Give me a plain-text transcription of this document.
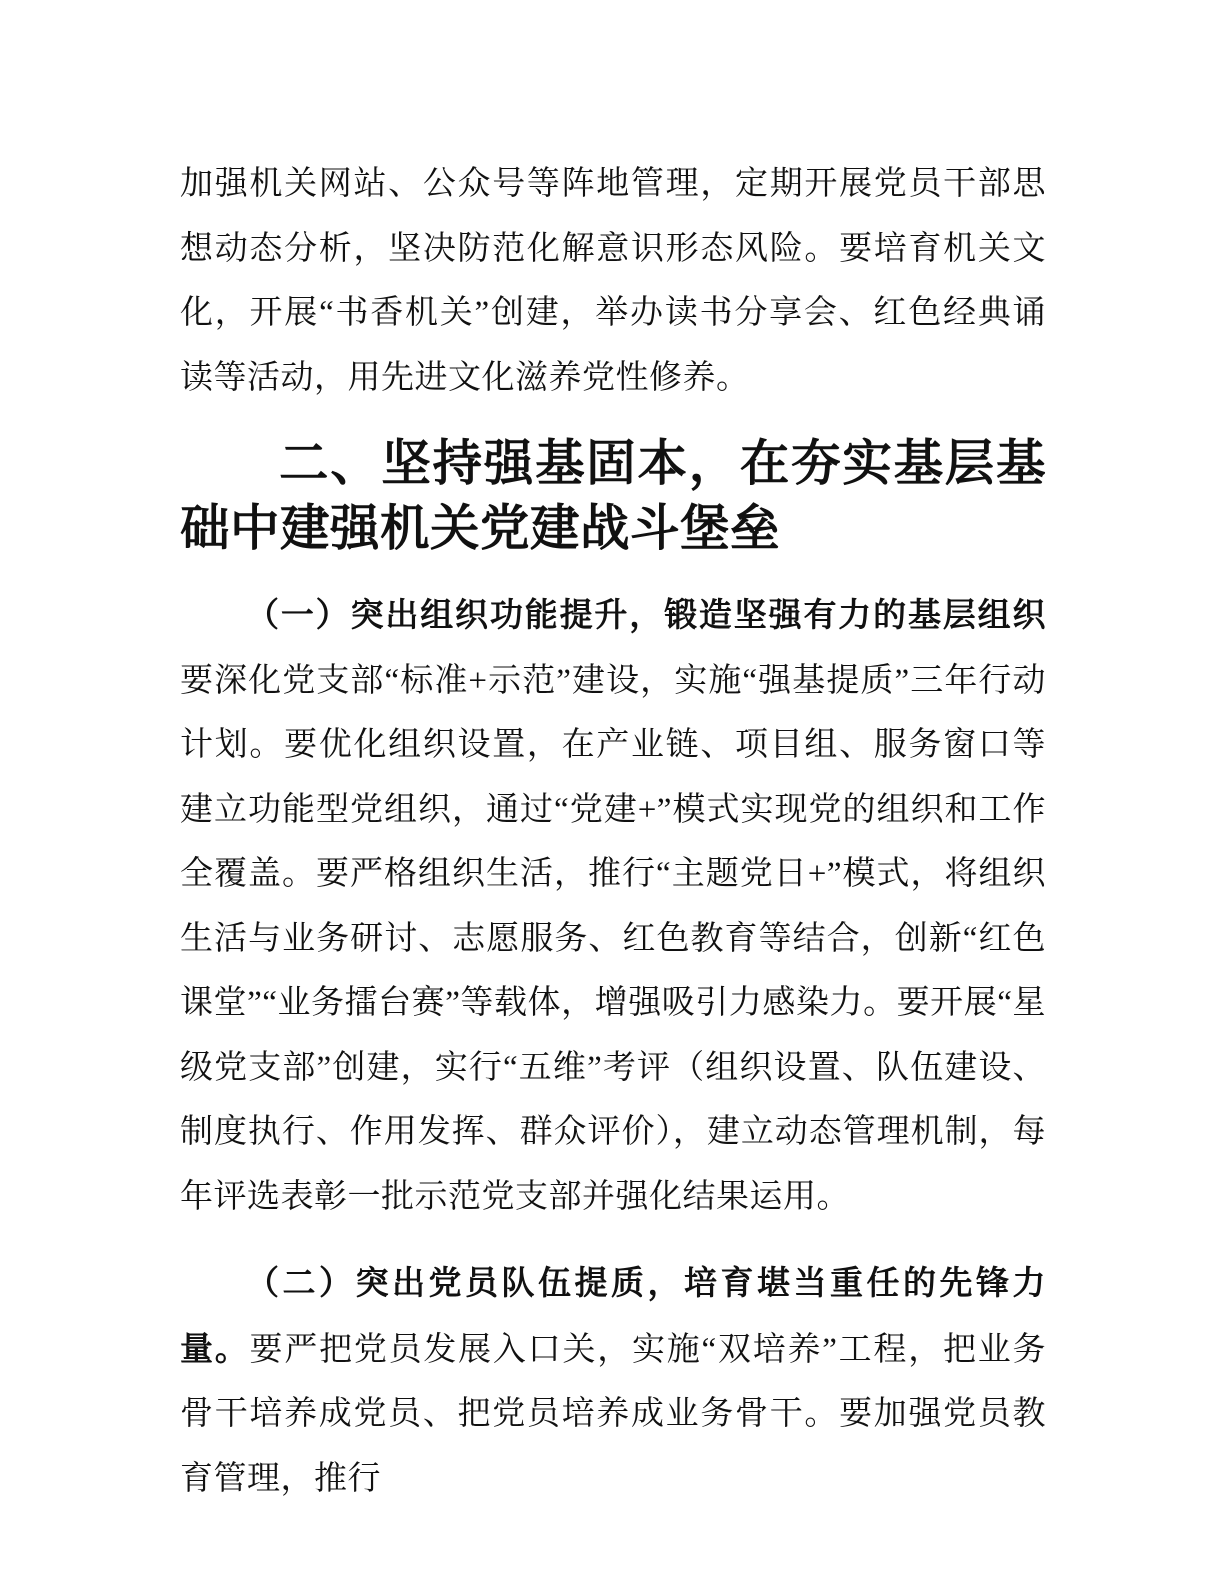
加强机关网站、公众号等阵地管理，定期开展党员干部思想动态分析，坚决防范化解意识形态风险。要培育机关文化，开展“书香机关”创建，举办读书分享会、红色经典诵读等活动，用先进文化滋养党性修养。

二、坚持强基固本，在夯实基层基础中建强机关党建战斗堡垒

（一）突出组织功能提升，锻造坚强有力的基层组织要深化党支部“标准+示范”建设，实施“强基提质”三年行动计划。要优化组织设置，在产业链、项目组、服务窗口等建立功能型党组织，通过“党建+”模式实现党的组织和工作全覆盖。要严格组织生活，推行“主题党日+”模式，将组织生活与业务研讨、志愿服务、红色教育等结合，创新“红色课堂”“业务擂台赛”等载体，增强吸引力感染力。要开展“星级党支部”创建，实行“五维”考评（组织设置、队伍建设、制度执行、作用发挥、群众评价），建立动态管理机制，每年评选表彰一批示范党支部并强化结果运用。

（二）突出党员队伍提质，培育堪当重任的先锋力量。要严把党员发展入口关，实施“双培养”工程，把业务骨干培养成党员、把党员培养成业务骨干。要加强党员教育管理，推行
